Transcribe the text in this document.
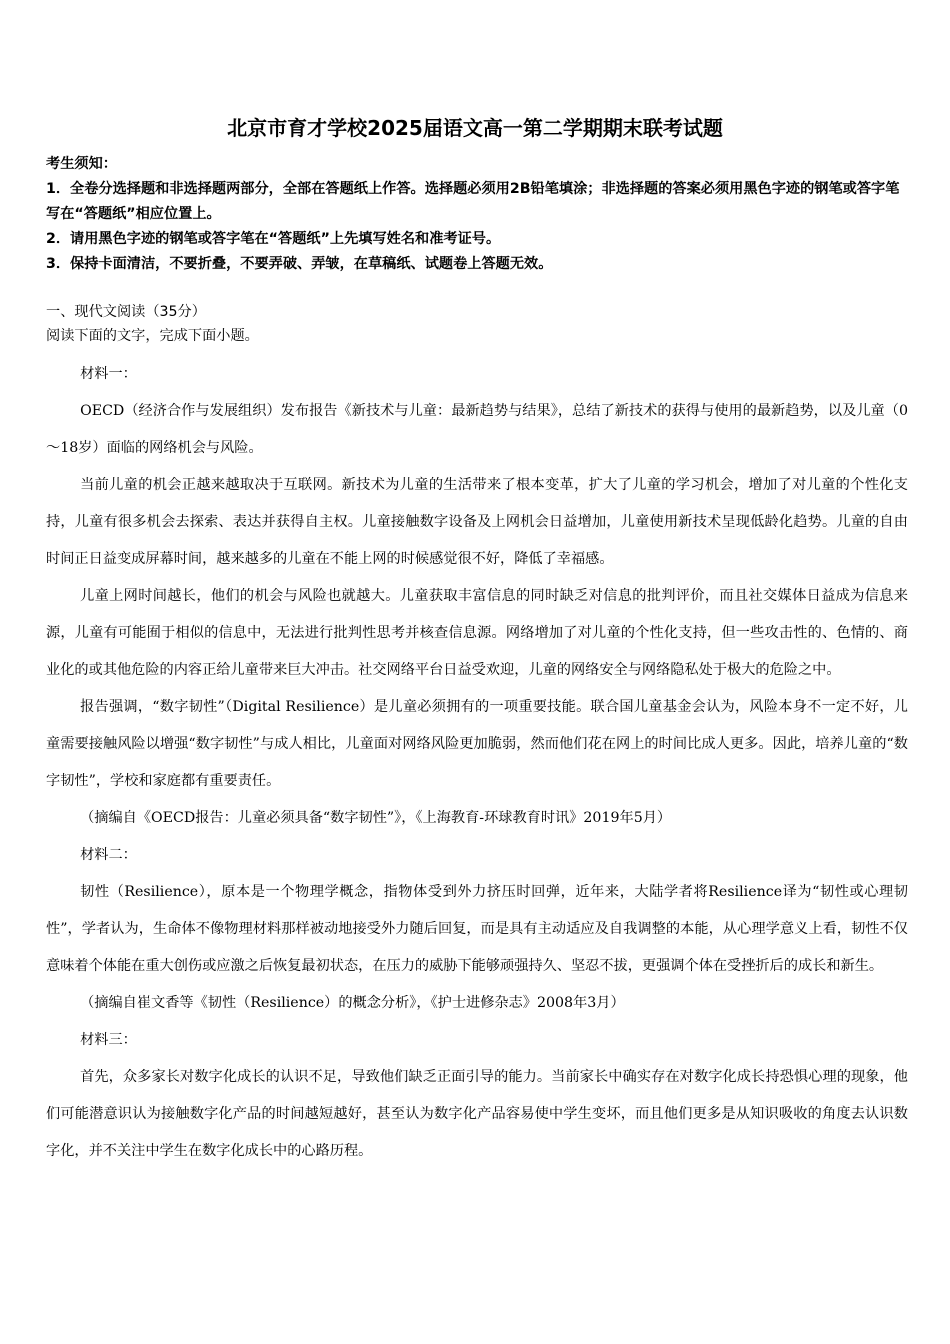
北京市育才学校2025届语文高一第二学期期末联考试题
考生须知：
1．全卷分选择题和非选择题两部分，全部在答题纸上作答。选择题必须用2B铅笔填涂；非选择题的答案必须用黑色字迹的钢笔或答字笔写在“答题纸”相应位置上。
2．请用黑色字迹的钢笔或答字笔在“答题纸”上先填写姓名和准考证号。
3．保持卡面清洁，不要折叠，不要弄破、弄皱，在草稿纸、试题卷上答题无效。
一、现代文阅读（35分）
阅读下面的文字，完成下面小题。

材料一：

OECD（经济合作与发展组织）发布报告《新技术与儿童：最新趋势与结果》，总结了新技术的获得与使用的最新趋势，以及儿童（0～18岁）面临的网络机会与风险。

当前儿童的机会正越来越取决于互联网。新技术为儿童的生活带来了根本变革，扩大了儿童的学习机会，增加了对儿童的个性化支持，儿童有很多机会去探索、表达并获得自主权。儿童接触数字设备及上网机会日益增加，儿童使用新技术呈现低龄化趋势。儿童的自由时间正日益变成屏幕时间，越来越多的儿童在不能上网的时候感觉很不好，降低了幸福感。

儿童上网时间越长，他们的机会与风险也就越大。儿童获取丰富信息的同时缺乏对信息的批判评价，而且社交媒体日益成为信息来源，儿童有可能囿于相似的信息中，无法进行批判性思考并核查信息源。网络增加了对儿童的个性化支持，但一些攻击性的、色情的、商业化的或其他危险的内容正给儿童带来巨大冲击。社交网络平台日益受欢迎，儿童的网络安全与网络隐私处于极大的危险之中。

报告强调，“数字韧性”（Digital Resilience）是儿童必须拥有的一项重要技能。联合国儿童基金会认为，风险本身不一定不好，儿童需要接触风险以增强“数字韧性”与成人相比，儿童面对网络风险更加脆弱，然而他们花在网上的时间比成人更多。因此，培养儿童的“数字韧性”，学校和家庭都有重要责任。

（摘编自《OECD报告：儿童必须具备“数字韧性”》，《上海教育-环球教育时讯》2019年5月）

材料二：

韧性（Resilience），原本是一个物理学概念，指物体受到外力挤压时回弹，近年来，大陆学者将Resilience译为“韧性或心理韧性”，学者认为，生命体不像物理材料那样被动地接受外力随后回复，而是具有主动适应及自我调整的本能，从心理学意义上看，韧性不仅意味着个体能在重大创伤或应激之后恢复最初状态，在压力的威胁下能够顽强持久、坚忍不拔，更强调个体在受挫折后的成长和新生。

（摘编自崔文香等《韧性（Resilience）的概念分析》，《护士进修杂志》2008年3月）

材料三：

首先，众多家长对数字化成长的认识不足，导致他们缺乏正面引导的能力。当前家长中确实存在对数字化成长持恐惧心理的现象，他们可能潜意识认为接触数字化产品的时间越短越好，甚至认为数字化产品容易使中学生变坏，而且他们更多是从知识吸收的角度去认识数字化，并不关注中学生在数字化成长中的心路历程。
